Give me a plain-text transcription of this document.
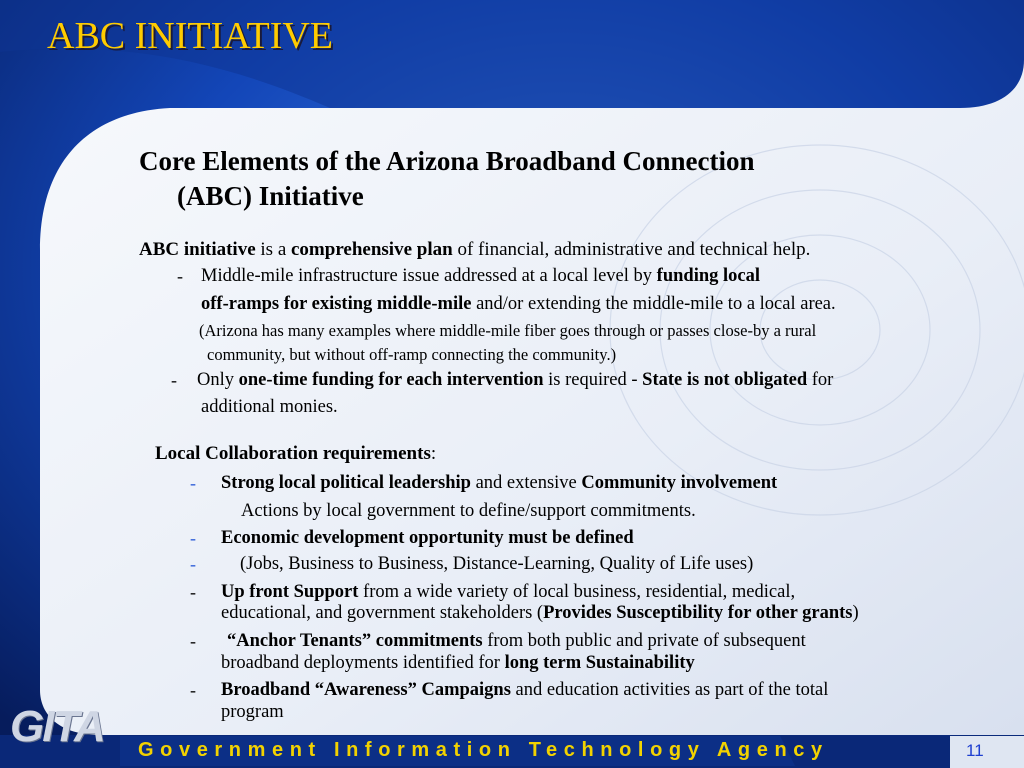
ABC INITIATIVE
Core Elements of the Arizona Broadband Connection
(ABC) Initiative
ABC initiative is a comprehensive plan of financial, administrative and technical help.
- Middle-mile infrastructure issue addressed at a local level by funding local
off-ramps for existing middle-mile and/or extending the middle-mile to a local area.
(Arizona has many examples where middle-mile fiber goes through or passes close-by a rural
community, but without off-ramp connecting the community.)
- Only one-time funding for each intervention is required - State is not obligated for
additional monies.
Local Collaboration requirements:
- Strong local political leadership and extensive Community involvement
Actions by local government to define/support commitments.
- Economic development opportunity must be defined
- (Jobs, Business to Business, Distance-Learning, Quality of Life uses)
- Up front Support from a wide variety of local business, residential, medical,
educational, and government stakeholders (Provides Susceptibility for other grants)
- “Anchor Tenants” commitments from both public and private of subsequent
broadband deployments identified for long term Sustainability
- Broadband “Awareness” Campaigns and education activities as part of the total
program
GITA Government Information Technology Agency	11
